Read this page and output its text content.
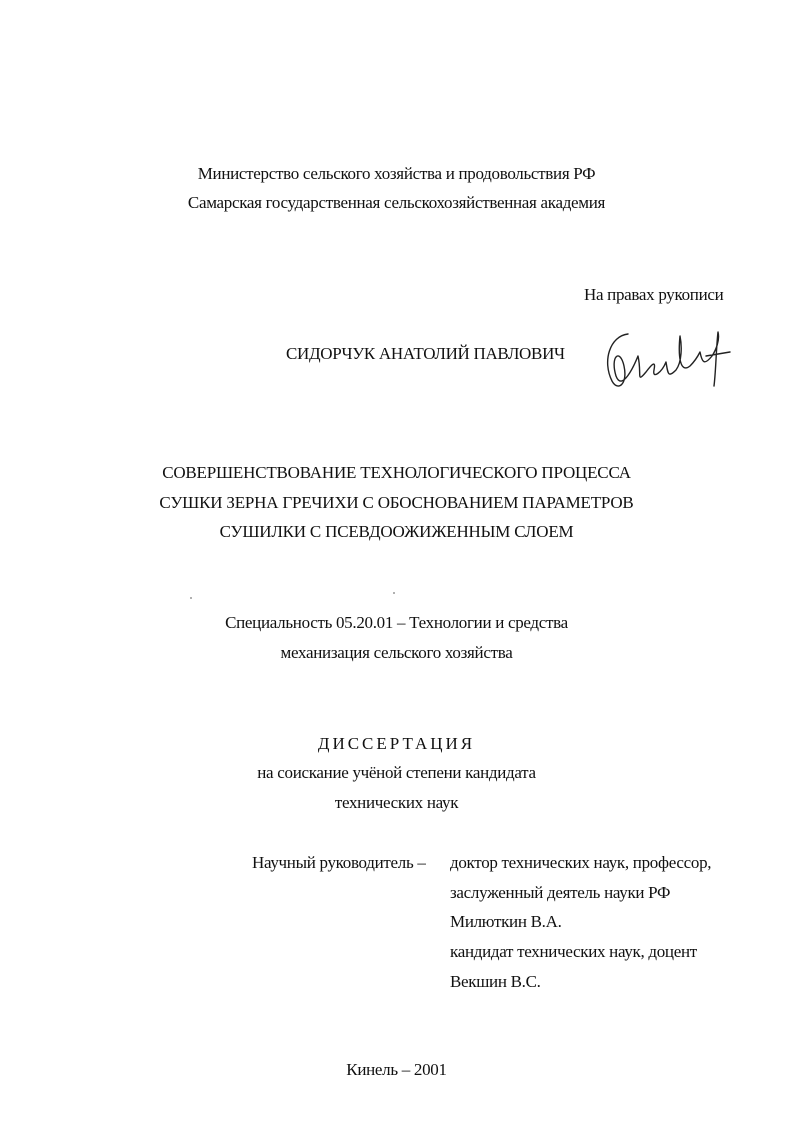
Министерство сельского хозяйства и продовольствия РФ
Самарская государственная сельскохозяйственная академия
На правах рукописи
СИДОРЧУК АНАТОЛИЙ ПАВЛОВИЧ
СОВЕРШЕНСТВОВАНИЕ ТЕХНОЛОГИЧЕСКОГО ПРОЦЕССА
СУШКИ ЗЕРНА ГРЕЧИХИ С ОБОСНОВАНИЕМ ПАРАМЕТРОВ
СУШИЛКИ С ПСЕВДООЖИЖЕННЫМ СЛОЕМ
Специальность 05.20.01 – Технологии и средства
механизация сельского хозяйства
ДИССЕРТАЦИЯ
на соискание учёной степени кандидата
технических наук
Научный руководитель – доктор технических наук, профессор,
заслуженный деятель науки РФ
Милюткин В.А.
кандидат технических наук, доцент
Векшин В.С.
Кинель – 2001
